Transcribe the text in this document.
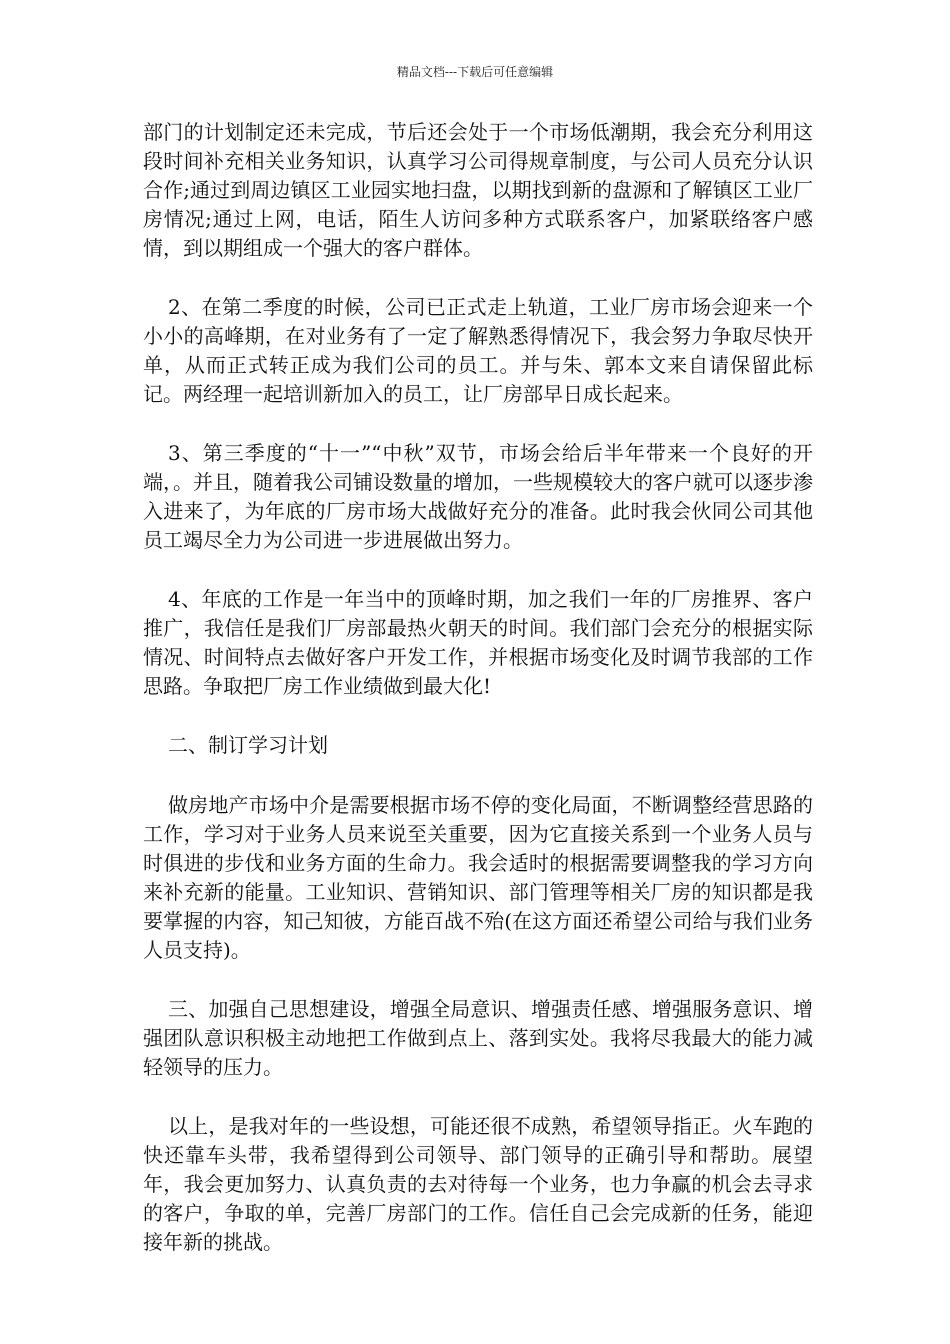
精品文档---下载后可任意编辑

部门的计划制定还未完成，节后还会处于一个市场低潮期，我会充分利用这段时间补充相关业务知识，认真学习公司得规章制度，与公司人员充分认识合作;通过到周边镇区工业园实地扫盘，以期找到新的盘源和了解镇区工业厂房情况;通过上网，电话，陌生人访问多种方式联系客户，加紧联络客户感情，到以期组成一个强大的客户群体。

2、在第二季度的时候，公司已正式走上轨道，工业厂房市场会迎来一个小小的高峰期，在对业务有了一定了解熟悉得情况下，我会努力争取尽快开单，从而正式转正成为我们公司的员工。并与朱、郭本文来自请保留此标记。两经理一起培训新加入的员工，让厂房部早日成长起来。

3、第三季度的“十一”“中秋”双节，市场会给后半年带来一个良好的开端，。并且，随着我公司铺设数量的增加，一些规模较大的客户就可以逐步渗入进来了，为年底的厂房市场大战做好充分的准备。此时我会伙同公司其他员工竭尽全力为公司进一步进展做出努力。

4、年底的工作是一年当中的顶峰时期，加之我们一年的厂房推界、客户推广，我信任是我们厂房部最热火朝天的时间。我们部门会充分的根据实际情况、时间特点去做好客户开发工作，并根据市场变化及时调节我部的工作思路。争取把厂房工作业绩做到最大化!

二、制订学习计划

做房地产市场中介是需要根据市场不停的变化局面，不断调整经营思路的工作，学习对于业务人员来说至关重要，因为它直接关系到一个业务人员与时俱进的步伐和业务方面的生命力。我会适时的根据需要调整我的学习方向来补充新的能量。工业知识、营销知识、部门管理等相关厂房的知识都是我要掌握的内容，知己知彼，方能百战不殆(在这方面还希望公司给与我们业务人员支持)。

三、加强自己思想建设，增强全局意识、增强责任感、增强服务意识、增强团队意识积极主动地把工作做到点上、落到实处。我将尽我最大的能力减轻领导的压力。

以上，是我对年的一些设想，可能还很不成熟，希望领导指正。火车跑的快还靠车头带，我希望得到公司领导、部门领导的正确引导和帮助。展望年，我会更加努力、认真负责的去对待每一个业务，也力争赢的机会去寻求的客户，争取的单，完善厂房部门的工作。信任自己会完成新的任务，能迎接年新的挑战。
